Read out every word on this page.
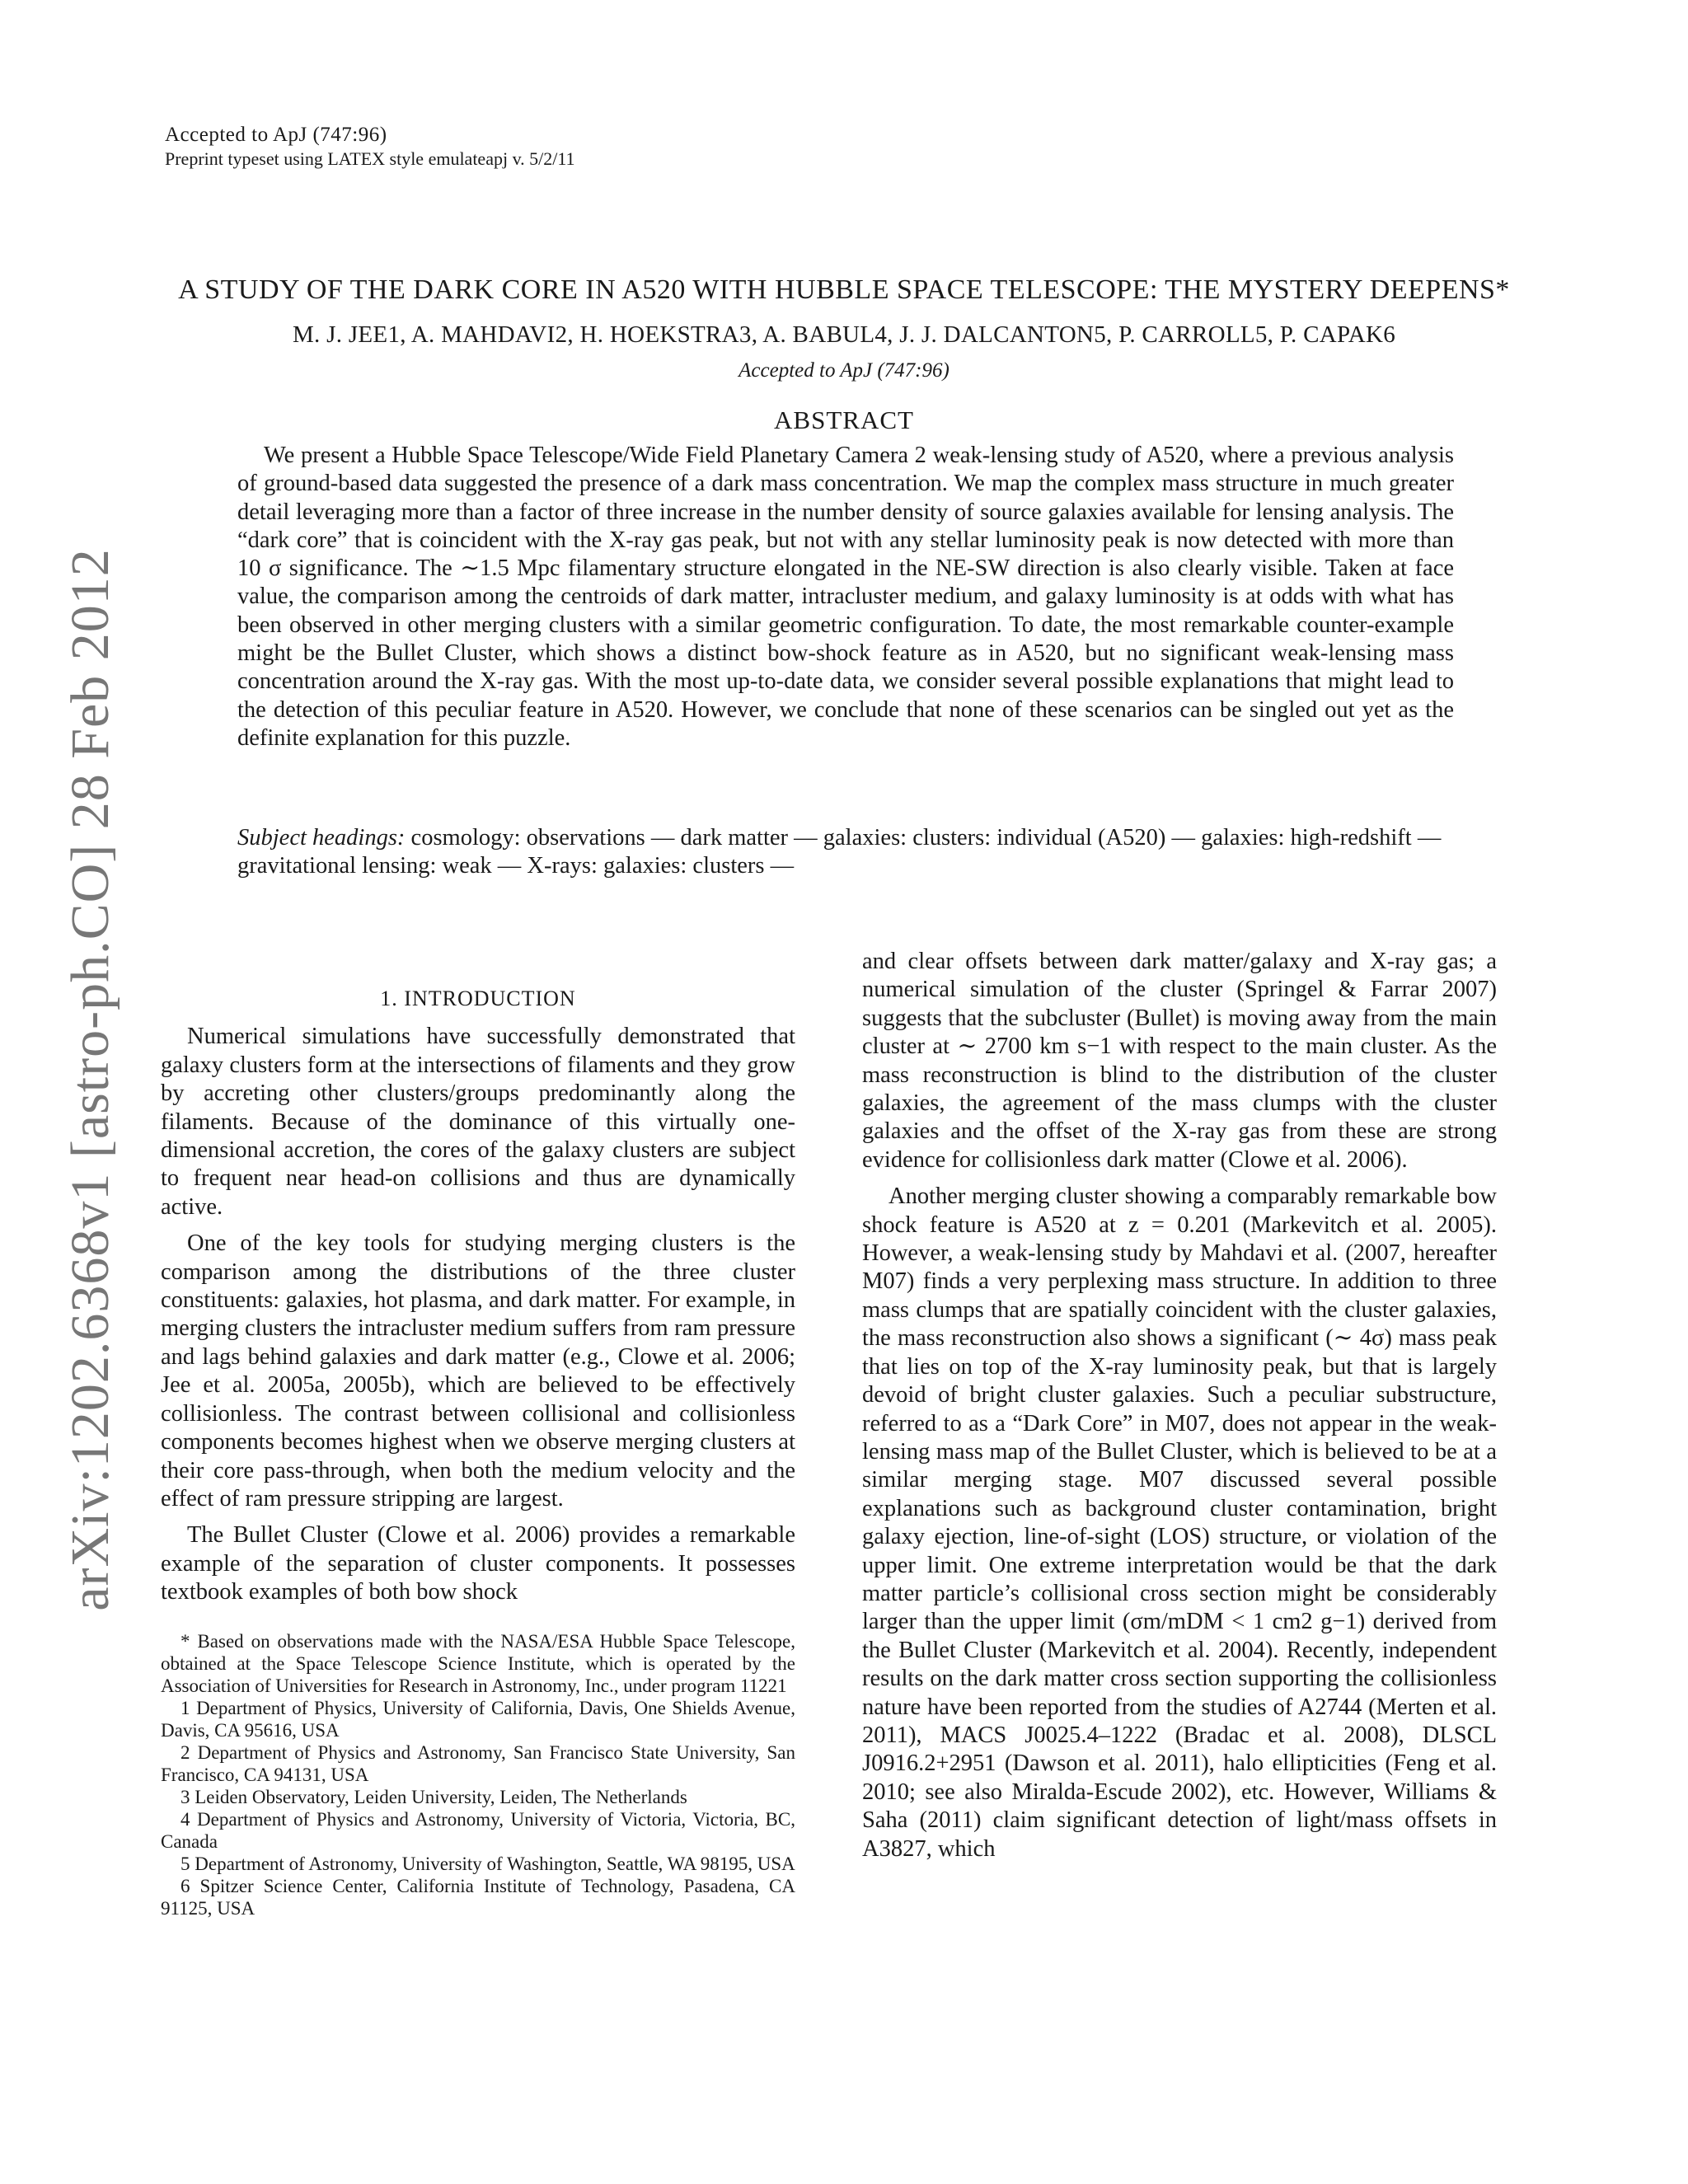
Accepted to ApJ (747:96)
Preprint typeset using LATEX style emulateapj v. 5/2/11
arXiv:1202.6368v1 [astro-ph.CO] 28 Feb 2012
A STUDY OF THE DARK CORE IN A520 WITH HUBBLE SPACE TELESCOPE: THE MYSTERY DEEPENS*
M. J. JEE1, A. MAHDAVI2, H. HOEKSTRA3, A. BABUL4, J. J. DALCANTON5, P. CARROLL5, P. CAPAK6
Accepted to ApJ (747:96)
ABSTRACT

We present a Hubble Space Telescope/Wide Field Planetary Camera 2 weak-lensing study of A520, where a previous analysis of ground-based data suggested the presence of a dark mass concentration. We map the complex mass structure in much greater detail leveraging more than a factor of three increase in the number density of source galaxies available for lensing analysis. The “dark core” that is coincident with the X-ray gas peak, but not with any stellar luminosity peak is now detected with more than 10 σ significance. The ∼1.5 Mpc filamentary structure elongated in the NE-SW direction is also clearly visible. Taken at face value, the comparison among the centroids of dark matter, intracluster medium, and galaxy luminosity is at odds with what has been observed in other merging clusters with a similar geometric configuration. To date, the most remarkable counter-example might be the Bullet Cluster, which shows a distinct bow-shock feature as in A520, but no significant weak-lensing mass concentration around the X-ray gas. With the most up-to-date data, we consider several possible explanations that might lead to the detection of this peculiar feature in A520. However, we conclude that none of these scenarios can be singled out yet as the definite explanation for this puzzle.

Subject headings: cosmology: observations — dark matter — galaxies: clusters: individual (A520) — galaxies: high-redshift — gravitational lensing: weak — X-rays: galaxies: clusters —
1. INTRODUCTION

Numerical simulations have successfully demonstrated that galaxy clusters form at the intersections of filaments and they grow by accreting other clusters/groups predominantly along the filaments. Because of the dominance of this virtually one-dimensional accretion, the cores of the galaxy clusters are subject to frequent near head-on collisions and thus are dynamically active.

One of the key tools for studying merging clusters is the comparison among the distributions of the three cluster constituents: galaxies, hot plasma, and dark matter. For example, in merging clusters the intracluster medium suffers from ram pressure and lags behind galaxies and dark matter (e.g., Clowe et al. 2006; Jee et al. 2005a, 2005b), which are believed to be effectively collisionless. The contrast between collisional and collisionless components becomes highest when we observe merging clusters at their core pass-through, when both the medium velocity and the effect of ram pressure stripping are largest.

The Bullet Cluster (Clowe et al. 2006) provides a remarkable example of the separation of cluster components. It possesses textbook examples of both bow shock

* Based on observations made with the NASA/ESA Hubble Space Telescope, obtained at the Space Telescope Science Institute, which is operated by the Association of Universities for Research in Astronomy, Inc., under program 11221

1 Department of Physics, University of California, Davis, One Shields Avenue, Davis, CA 95616, USA

2 Department of Physics and Astronomy, San Francisco State University, San Francisco, CA 94131, USA

3 Leiden Observatory, Leiden University, Leiden, The Netherlands

4 Department of Physics and Astronomy, University of Victoria, Victoria, BC, Canada

5 Department of Astronomy, University of Washington, Seattle, WA 98195, USA

6 Spitzer Science Center, California Institute of Technology, Pasadena, CA 91125, USA

and clear offsets between dark matter/galaxy and X-ray gas; a numerical simulation of the cluster (Springel & Farrar 2007) suggests that the subcluster (Bullet) is moving away from the main cluster at ∼ 2700 km s−1 with respect to the main cluster. As the mass reconstruction is blind to the distribution of the cluster galaxies, the agreement of the mass clumps with the cluster galaxies and the offset of the X-ray gas from these are strong evidence for collisionless dark matter (Clowe et al. 2006).

Another merging cluster showing a comparably remarkable bow shock feature is A520 at z = 0.201 (Markevitch et al. 2005). However, a weak-lensing study by Mahdavi et al. (2007, hereafter M07) finds a very perplexing mass structure. In addition to three mass clumps that are spatially coincident with the cluster galaxies, the mass reconstruction also shows a significant (∼ 4σ) mass peak that lies on top of the X-ray luminosity peak, but that is largely devoid of bright cluster galaxies. Such a peculiar substructure, referred to as a “Dark Core” in M07, does not appear in the weak-lensing mass map of the Bullet Cluster, which is believed to be at a similar merging stage. M07 discussed several possible explanations such as background cluster contamination, bright galaxy ejection, line-of-sight (LOS) structure, or violation of the upper limit. One extreme interpretation would be that the dark matter particle’s collisional cross section might be considerably larger than the upper limit (σm/mDM < 1 cm2 g−1) derived from the Bullet Cluster (Markevitch et al. 2004). Recently, independent results on the dark matter cross section supporting the collisionless nature have been reported from the studies of A2744 (Merten et al. 2011), MACS J0025.4–1222 (Bradac et al. 2008), DLSCL J0916.2+2951 (Dawson et al. 2011), halo ellipticities (Feng et al. 2010; see also Miralda-Escude 2002), etc. However, Williams & Saha (2011) claim significant detection of light/mass offsets in A3827, which
